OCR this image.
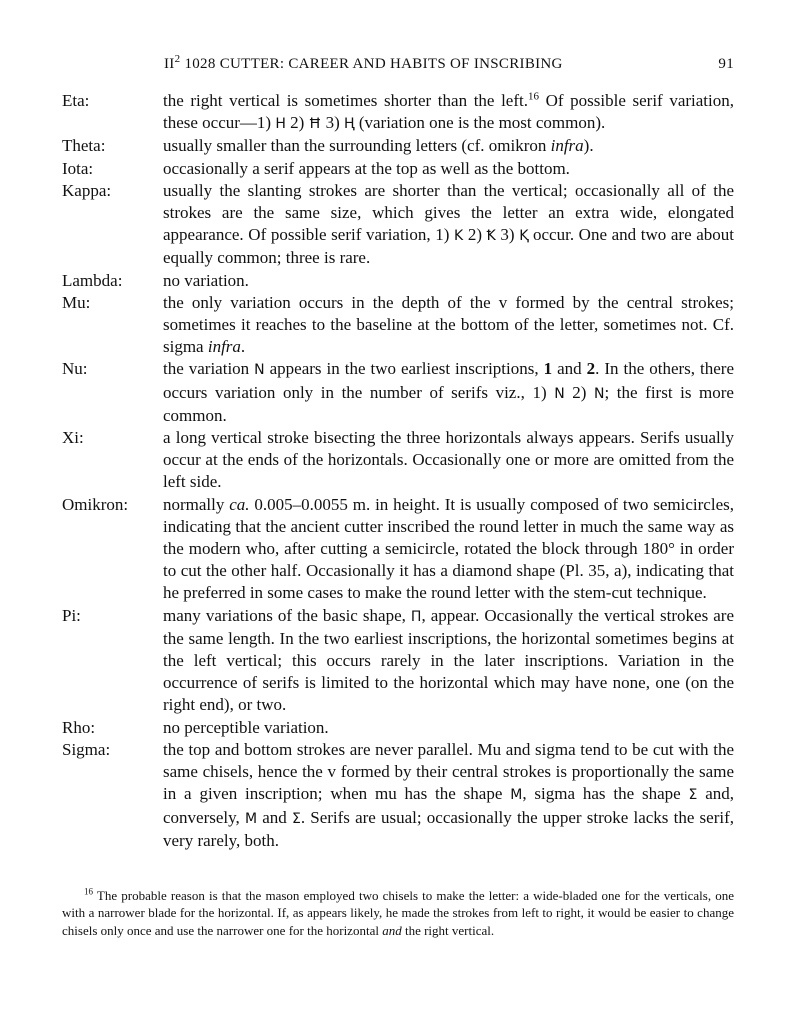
$II^2$ 1028 CUTTER: CAREER AND HABITS OF INSCRIBING	91
Eta:	the right vertical is sometimes shorter than the left.$^{16}$ Of possible serif variation, these occur—1) H 2) Ħ 3) Ⱨ (variation one is the most common).
Theta:	usually smaller than the surrounding letters (cf. omikron infra).
Iota:	occasionally a serif appears at the top as well as the bottom.
Kappa:	usually the slanting strokes are shorter than the vertical; occasionally all of the strokes are the same size, which gives the letter an extra wide, elongated appearance. Of possible serif variation, 1) K 2) Ꝁ 3) Ⱪ occur. One and two are about equally common; three is rare.
Lambda: no variation.
Mu:	the only variation occurs in the depth of the v formed by the central strokes; sometimes it reaches to the baseline at the bottom of the letter, sometimes not. Cf. sigma infra.
Nu:	the variation N appears in the two earliest inscriptions, 1 and 2. In the others, there occurs variation only in the number of serifs viz., 1) N 2) N; the first is more common.
Xi:	a long vertical stroke bisecting the three horizontals always appears. Serifs usually occur at the ends of the horizontals. Occasionally one or more are omitted from the left side.
Omikron: normally ca. 0.005–0.0055 m. in height. It is usually composed of two semicircles, indicating that the ancient cutter inscribed the round letter in much the same way as the modern who, after cutting a semicircle, rotated the block through 180° in order to cut the other half. Occasionally it has a diamond shape (Pl. 35, a), indicating that he preferred in some cases to make the round letter with the stem-cut technique.
Pi:	many variations of the basic shape, Π, appear. Occasionally the vertical strokes are the same length. In the two earliest inscriptions, the horizontal sometimes begins at the left vertical; this occurs rarely in the later inscriptions. Variation in the occurrence of serifs is limited to the horizontal which may have none, one (on the right end), or two.
Rho:	no perceptible variation.
Sigma:	the top and bottom strokes are never parallel. Mu and sigma tend to be cut with the same chisels, hence the v formed by their central strokes is proportionally the same in a given inscription; when mu has the shape M, sigma has the shape Σ and, conversely, M and Σ. Serifs are usual; occasionally the upper stroke lacks the serif, very rarely, both.
$^{16}$ The probable reason is that the mason employed two chisels to make the letter: a wide-bladed one for the verticals, one with a narrower blade for the horizontal. If, as appears likely, he made the strokes from left to right, it would be easier to change chisels only once and use the narrower one for the horizontal and the right vertical.
